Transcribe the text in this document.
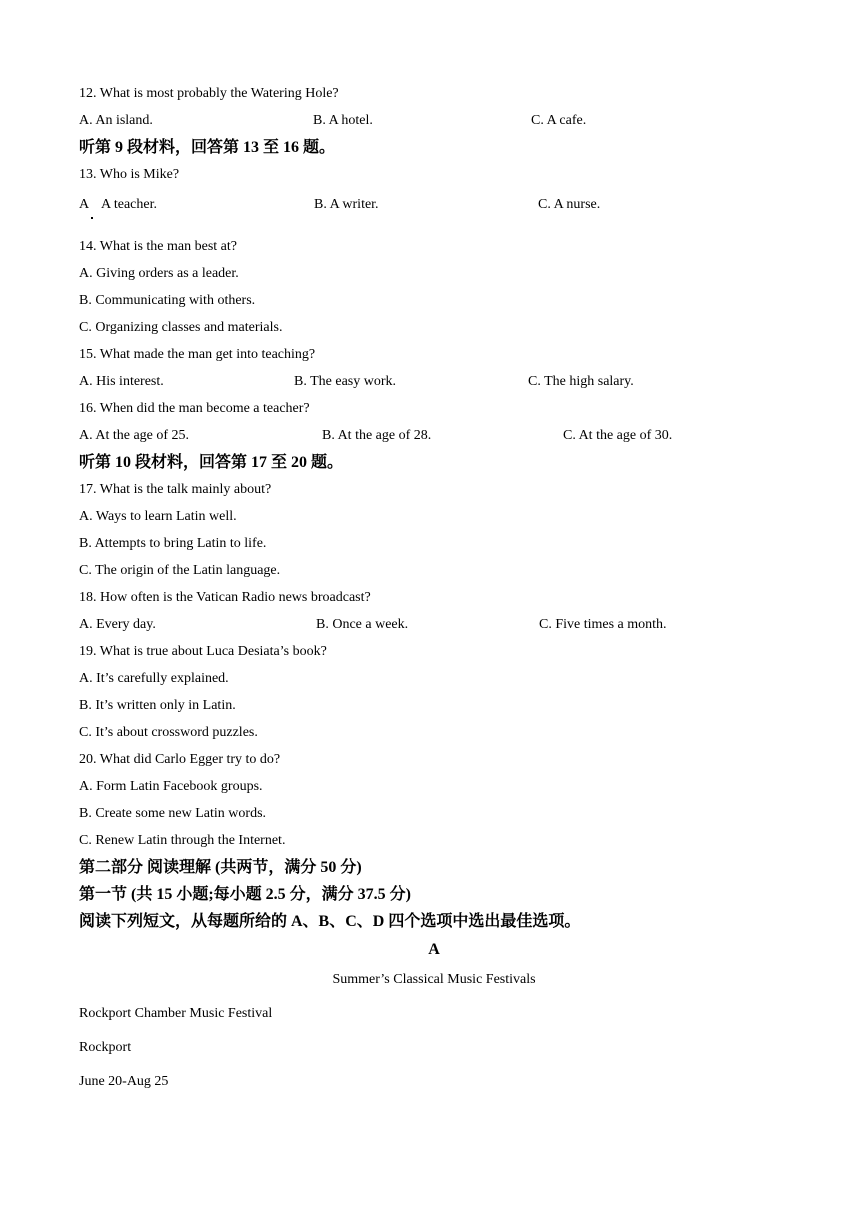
12. What is most probably the Watering Hole?
A. An island.	B. A hotel.	C. A cafe.
听第 9 段材料，回答第 13 至 16 题。
13. Who is Mike?
A A teacher.	B. A writer.	C. A nurse.
14. What is the man best at?
A. Giving orders as a leader.
B. Communicating with others.
C. Organizing classes and materials.
15. What made the man get into teaching?
A. His interest.	B. The easy work.	C. The high salary.
16. When did the man become a teacher?
A. At the age of 25.	B. At the age of 28.	C. At the age of 30.
听第 10 段材料，回答第 17 至 20 题。
17. What is the talk mainly about?
A. Ways to learn Latin well.
B. Attempts to bring Latin to life.
C. The origin of the Latin language.
18. How often is the Vatican Radio news broadcast?
A. Every day.	B. Once a week.	C. Five times a month.
19. What is true about Luca Desiata’s book?
A. It’s carefully explained.
B. It’s written only in Latin.
C. It’s about crossword puzzles.
20. What did Carlo Egger try to do?
A. Form Latin Facebook groups.
B. Create some new Latin words.
C. Renew Latin through the Internet.
第二部分 阅读理解 (共两节，满分 50 分)
第一节 (共 15 小题;每小题 2.5 分，满分 37.5 分)
阅读下列短文，从每题所给的 A、B、C、D 四个选项中选出最佳选项。
A
Summer’s Classical Music Festivals
Rockport Chamber Music Festival
Rockport
June 20-Aug 25
